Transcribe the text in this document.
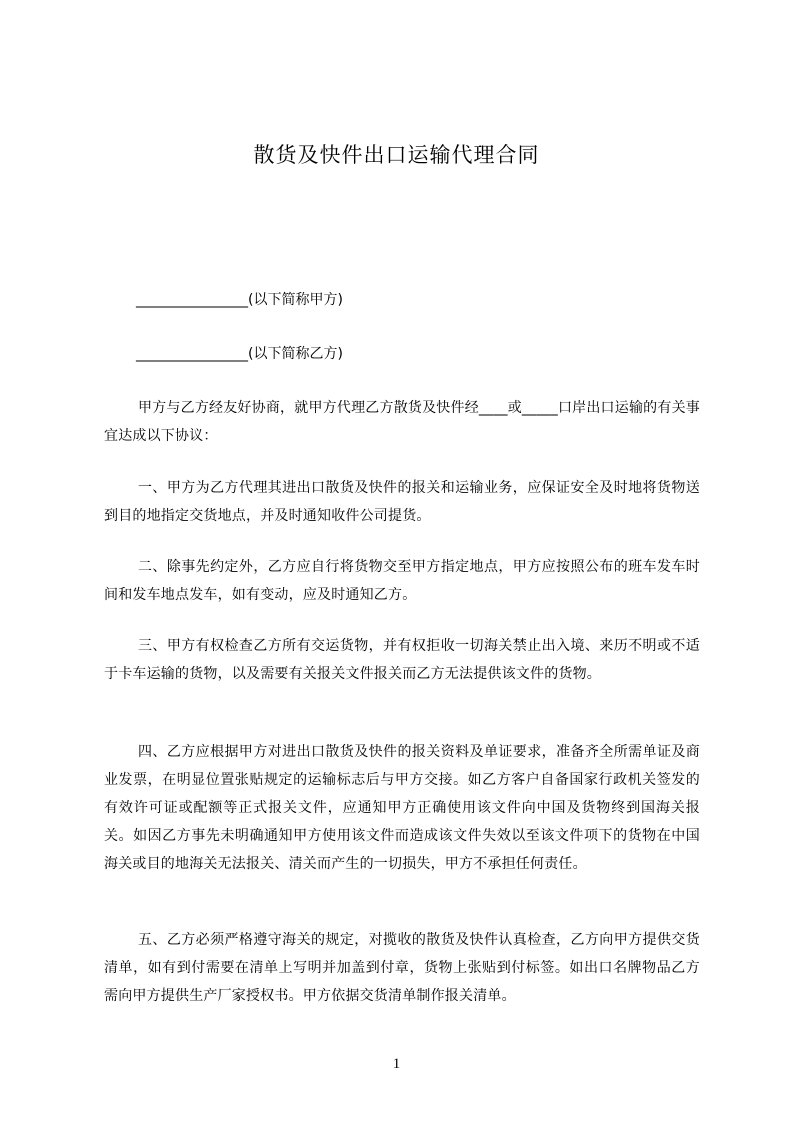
散货及快件出口运输代理合同
________________(以下简称甲方)
________________(以下简称乙方)
甲方与乙方经友好协商，就甲方代理乙方散货及快件经____或_____口岸出口运输的有关事宜达成以下协议：
一、甲方为乙方代理其进出口散货及快件的报关和运输业务，应保证安全及时地将货物送到目的地指定交货地点，并及时通知收件公司提货。
二、除事先约定外，乙方应自行将货物交至甲方指定地点，甲方应按照公布的班车发车时间和发车地点发车，如有变动，应及时通知乙方。
三、甲方有权检查乙方所有交运货物，并有权拒收一切海关禁止出入境、来历不明或不适于卡车运输的货物，以及需要有关报关文件报关而乙方无法提供该文件的货物。
四、乙方应根据甲方对进出口散货及快件的报关资料及单证要求，准备齐全所需单证及商业发票，在明显位置张贴规定的运输标志后与甲方交接。如乙方客户自备国家行政机关签发的有效许可证或配额等正式报关文件，应通知甲方正确使用该文件向中国及货物终到国海关报关。如因乙方事先未明确通知甲方使用该文件而造成该文件失效以至该文件项下的货物在中国海关或目的地海关无法报关、清关而产生的一切损失，甲方不承担任何责任。
五、乙方必须严格遵守海关的规定，对揽收的散货及快件认真检查，乙方向甲方提供交货清单，如有到付需要在清单上写明并加盖到付章，货物上张贴到付标签。如出口名牌物品乙方需向甲方提供生产厂家授权书。甲方依据交货清单制作报关清单。
1
